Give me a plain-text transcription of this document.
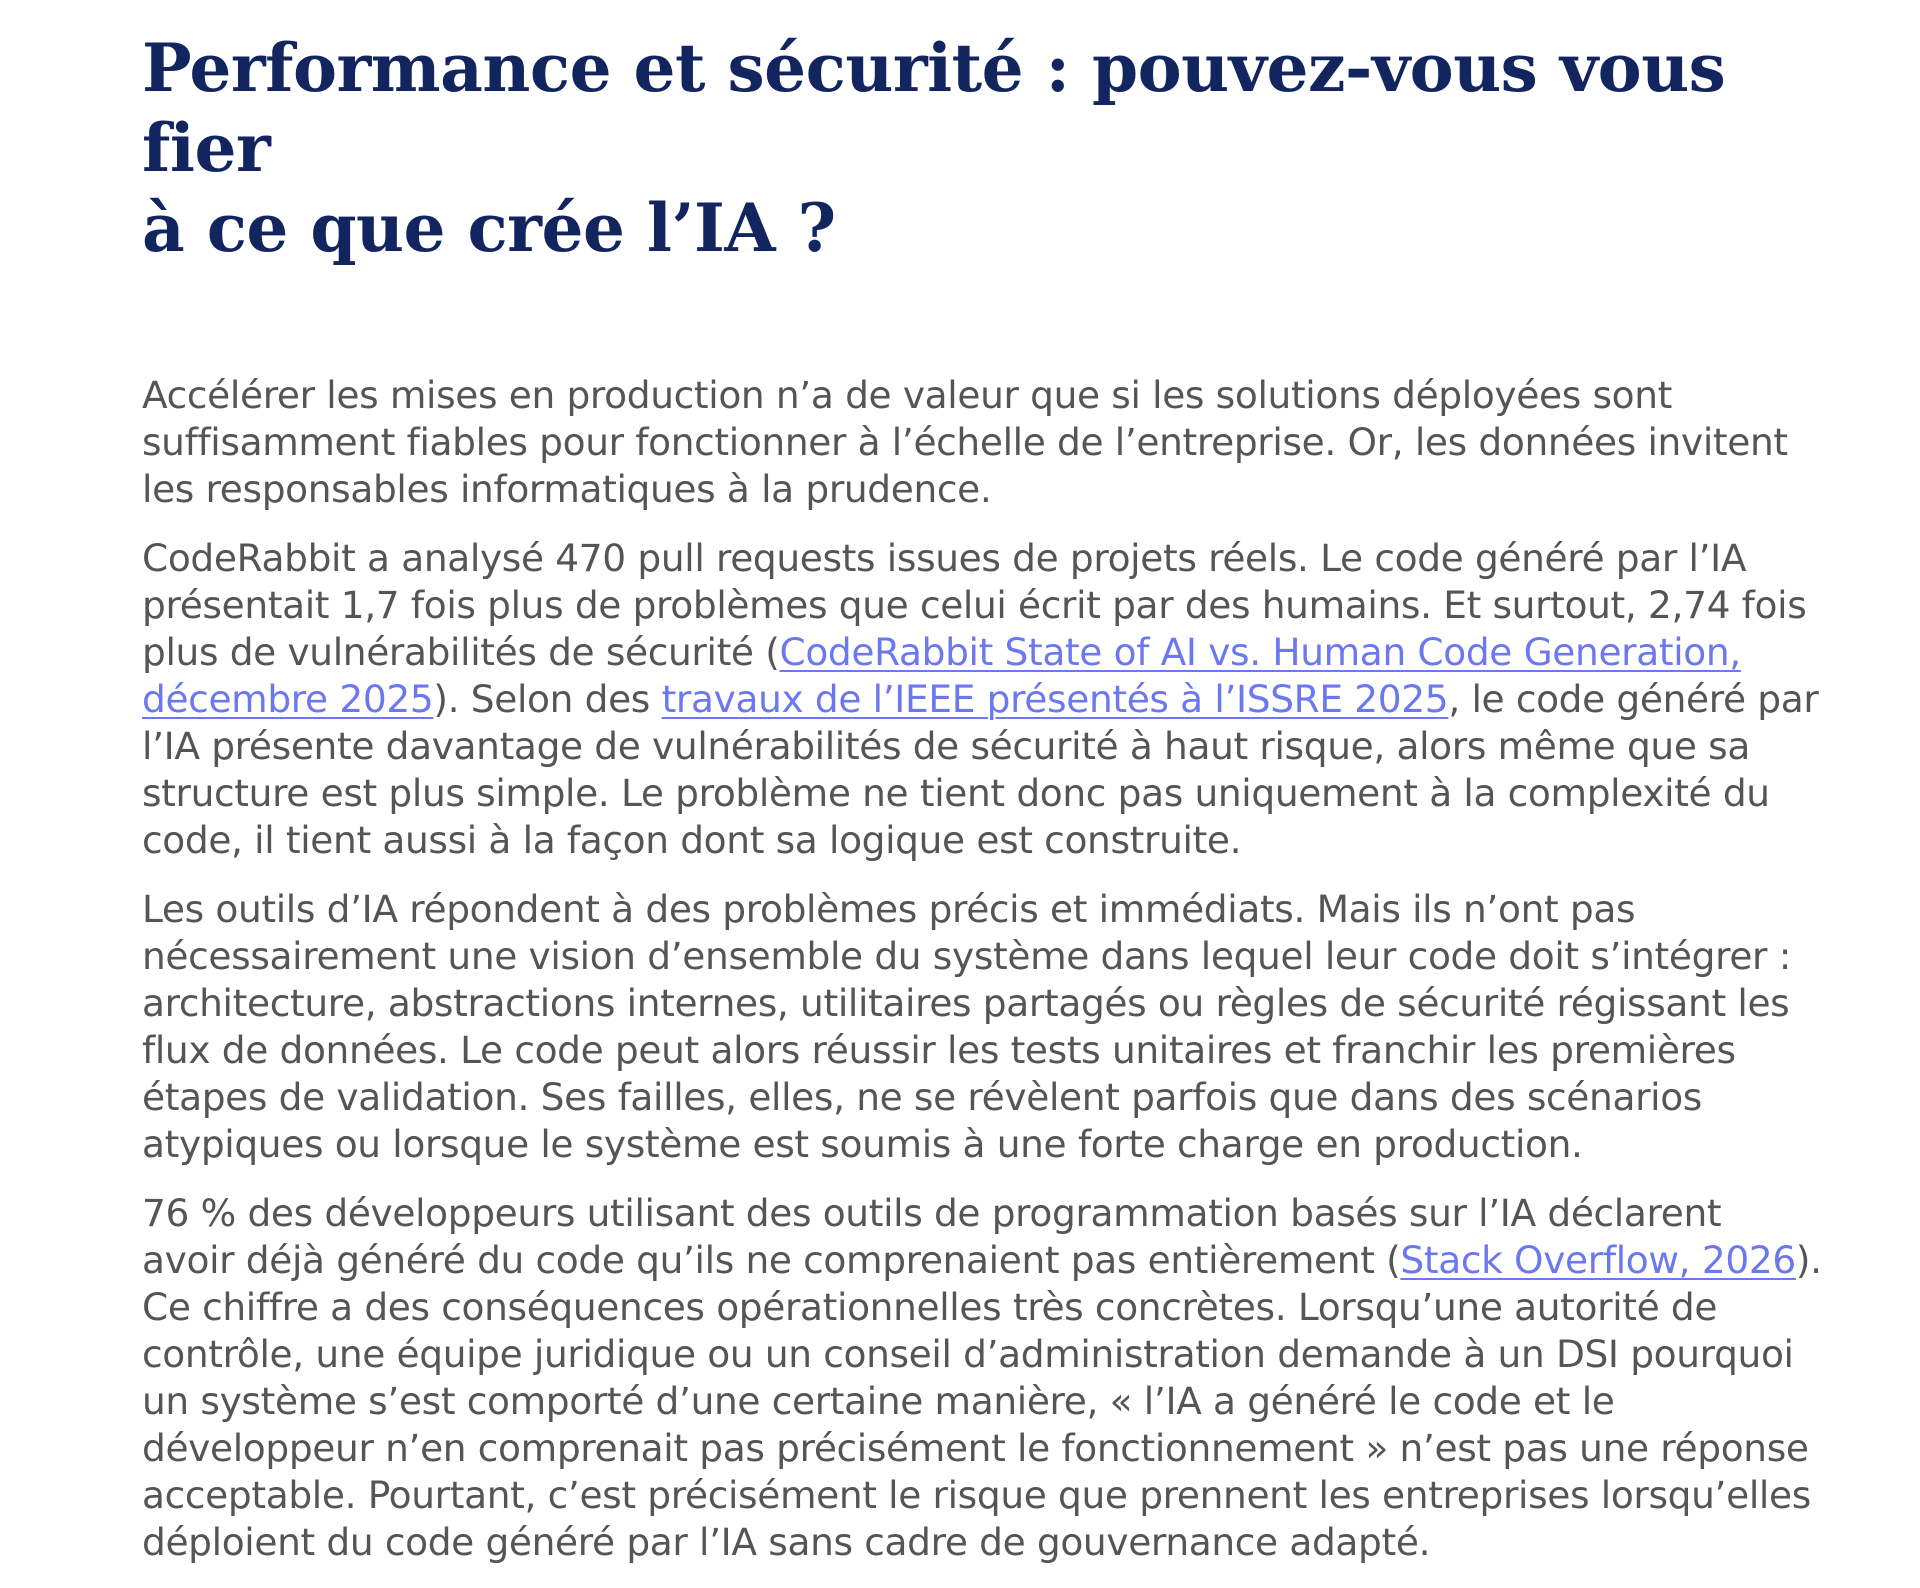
Performance et sécurité : pouvez-vous vous fier
à ce que crée l’IA ?

Accélérer les mises en production n’a de valeur que si les solutions déployées sont
suffisamment fiables pour fonctionner à l’échelle de l’entreprise. Or, les données invitent
les responsables informatiques à la prudence.

CodeRabbit a analysé 470 pull requests issues de projets réels. Le code généré par l’IA
présentait 1,7 fois plus de problèmes que celui écrit par des humains. Et surtout, 2,74 fois
plus de vulnérabilités de sécurité (CodeRabbit State of AI vs. Human Code Generation,
décembre 2025). Selon des travaux de l’IEEE présentés à l’ISSRE 2025, le code généré par
l’IA présente davantage de vulnérabilités de sécurité à haut risque, alors même que sa
structure est plus simple. Le problème ne tient donc pas uniquement à la complexité du
code, il tient aussi à la façon dont sa logique est construite.

Les outils d’IA répondent à des problèmes précis et immédiats. Mais ils n’ont pas
nécessairement une vision d’ensemble du système dans lequel leur code doit s’intégrer :
architecture, abstractions internes, utilitaires partagés ou règles de sécurité régissant les
flux de données. Le code peut alors réussir les tests unitaires et franchir les premières
étapes de validation. Ses failles, elles, ne se révèlent parfois que dans des scénarios
atypiques ou lorsque le système est soumis à une forte charge en production.

76 % des développeurs utilisant des outils de programmation basés sur l’IA déclarent
avoir déjà généré du code qu’ils ne comprenaient pas entièrement (Stack Overflow, 2026).
Ce chiffre a des conséquences opérationnelles très concrètes. Lorsqu’une autorité de
contrôle, une équipe juridique ou un conseil d’administration demande à un DSI pourquoi
un système s’est comporté d’une certaine manière, « l’IA a généré le code et le
développeur n’en comprenait pas précisément le fonctionnement » n’est pas une réponse
acceptable. Pourtant, c’est précisément le risque que prennent les entreprises lorsqu’elles
déploient du code généré par l’IA sans cadre de gouvernance adapté.
